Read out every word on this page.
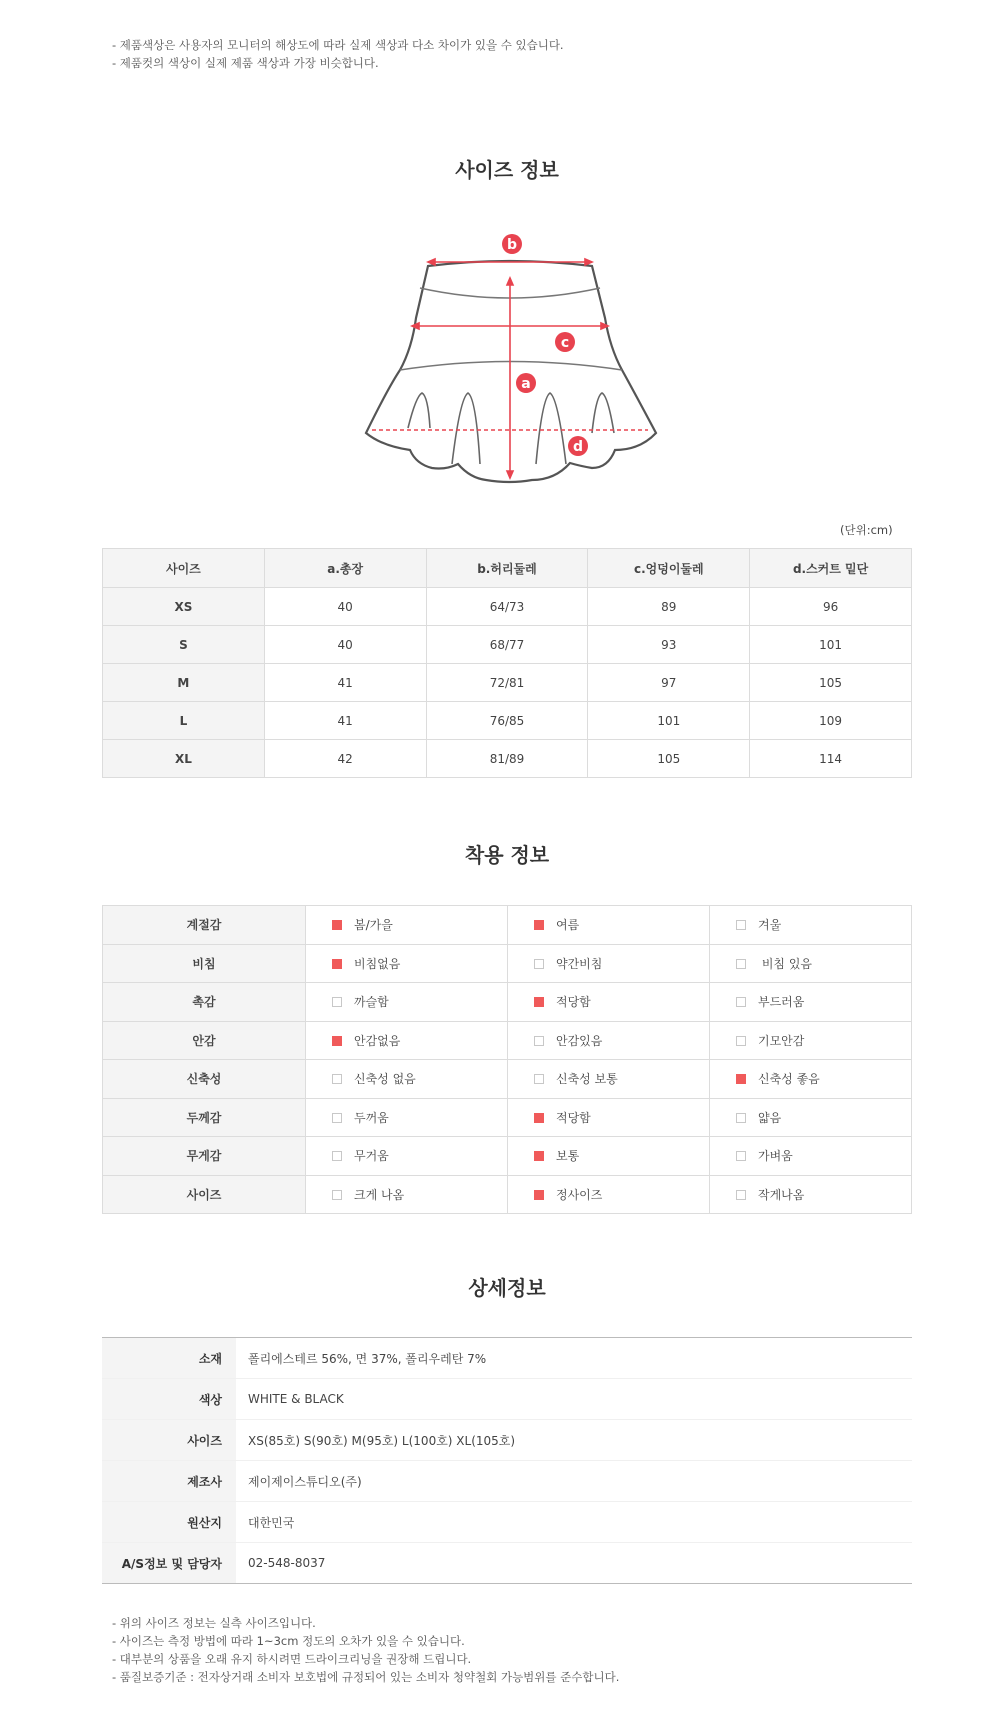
- 제품색상은 사용자의 모니터의 해상도에 따라 실제 색상과 다소 차이가 있을 수 있습니다.
- 제품컷의 색상이 실제 제품 색상과 가장 비슷합니다.
사이즈 정보
b
c
a
d
(단위:cm)
사이즈	a.총장	b.허리둘레	c.엉덩이둘레	d.스커트 밑단
XS	40	64/73	89	96
S	40	68/77	93	101
M	41	72/81	97	105
L	41	76/85	101	109
XL	42	81/89	105	114
착용 정보
계절감	봄/가을	여름	겨울
비침	비침없음	약간비침	비침 있음
촉감	까슬함	적당함	부드러움
안감	안감없음	안감있음	기모안감
신축성	신축성 없음	신축성 보통	신축성 좋음
두께감	두꺼움	적당함	얇음
무게감	무거움	보통	가벼움
사이즈	크게 나옴	정사이즈	작게나옴
상세정보
소재	폴리에스테르 56%, 면 37%, 폴리우레탄 7%
색상	WHITE & BLACK
사이즈	XS(85호) S(90호) M(95호) L(100호) XL(105호)
제조사	제이제이스튜디오(주)
원산지	대한민국
A/S정보 및 담당자	02-548-8037
- 위의 사이즈 정보는 실측 사이즈입니다.
- 사이즈는 측정 방법에 따라 1~3cm 정도의 오차가 있을 수 있습니다.
- 대부분의 상품을 오래 유지 하시려면 드라이크리닝을 권장해 드립니다.
- 품질보증기준 : 전자상거래 소비자 보호법에 규정되어 있는 소비자 청약철회 가능범위를 준수합니다.
